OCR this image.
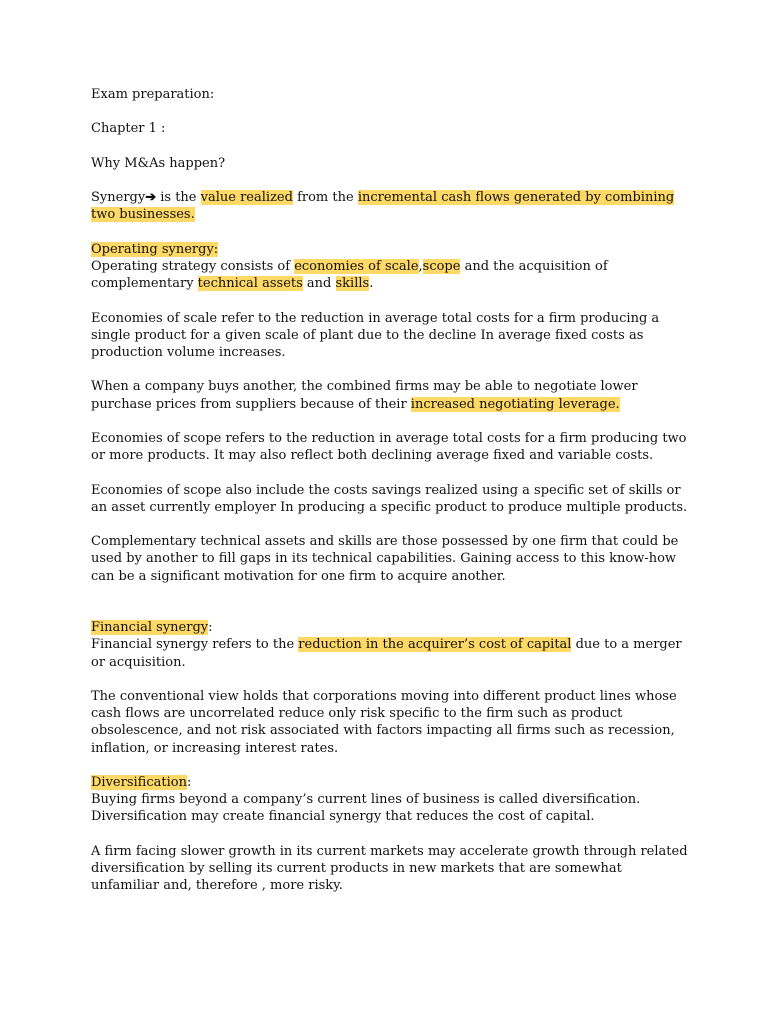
Exam preparation:

Chapter 1 :

Why M&As happen?

Synergy➔ is the value realized from the incremental cash flows generated by combining two businesses.

Operating synergy:

Operating strategy consists of economies of scale,scope and the acquisition of complementary technical assets and skills.

Economies of scale refer to the reduction in average total costs for a firm producing a single product for a given scale of plant due to the decline In average fixed costs as production volume increases.

When a company buys another, the combined firms may be able to negotiate lower purchase prices from suppliers because of their increased negotiating leverage.

Economies of scope refers to the reduction in average total costs for a firm producing two or more products. It may also reflect both declining average fixed and variable costs.

Economies of scope also include the costs savings realized using a specific set of skills or an asset currently employer In producing a specific product to produce multiple products.

Complementary technical assets and skills are those possessed by one firm that could be used by another to fill gaps in its technical capabilities. Gaining access to this know-how can be a significant motivation for one firm to acquire another.

Financial synergy:

Financial synergy refers to the reduction in the acquirer’s cost of capital due to a merger or acquisition.

The conventional view holds that corporations moving into different product lines whose cash flows are uncorrelated reduce only risk specific to the firm such as product obsolescence, and not risk associated with factors impacting all firms such as recession, inflation, or increasing interest rates.

Diversification:

Buying firms beyond a company’s current lines of business is called diversification. Diversification may create financial synergy that reduces the cost of capital.

A firm facing slower growth in its current markets may accelerate growth through related diversification by selling its current products in new markets that are somewhat unfamiliar and, therefore , more risky.
